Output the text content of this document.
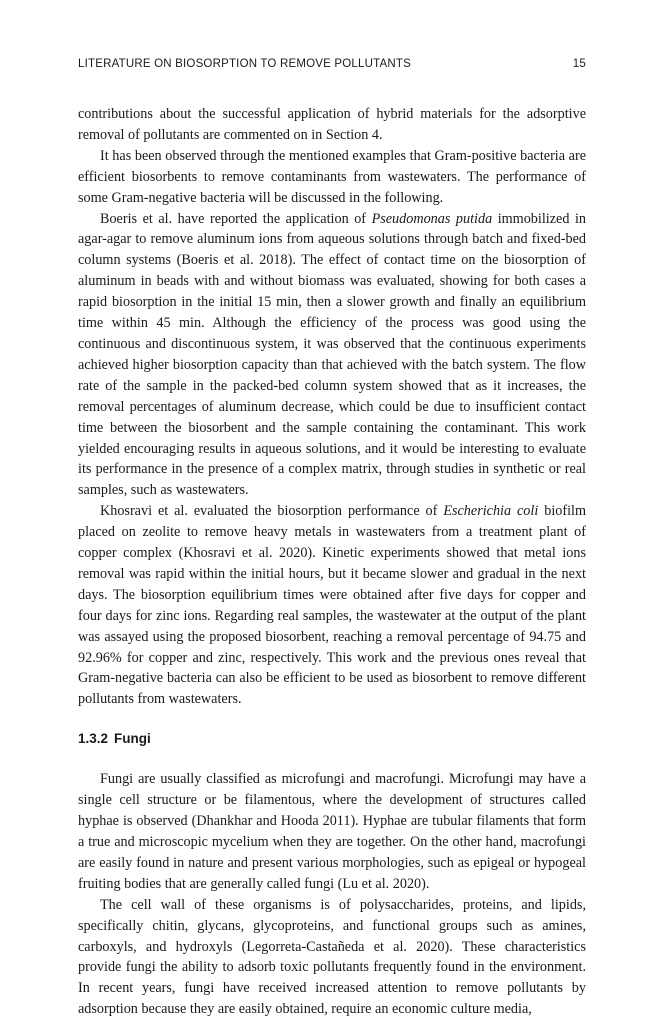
LITERATURE ON BIOSORPTION TO REMOVE POLLUTANTS	15

contributions about the successful application of hybrid materials for the adsorptive removal of pollutants are commented on in Section 4.

It has been observed through the mentioned examples that Gram-positive bacteria are efficient biosorbents to remove contaminants from wastewaters. The performance of some Gram-negative bacteria will be discussed in the following.

Boeris et al. have reported the application of Pseudomonas putida immobilized in agar-agar to remove aluminum ions from aqueous solutions through batch and fixed-bed column systems (Boeris et al. 2018). The effect of contact time on the biosorption of aluminum in beads with and without biomass was evaluated, showing for both cases a rapid biosorption in the initial 15 min, then a slower growth and finally an equilibrium time within 45 min. Although the efficiency of the process was good using the continuous and discontinuous system, it was observed that the continuous experiments achieved higher biosorption capacity than that achieved with the batch system. The flow rate of the sample in the packed-bed column system showed that as it increases, the removal percentages of aluminum decrease, which could be due to insufficient contact time between the biosorbent and the sample containing the contaminant. This work yielded encouraging results in aqueous solutions, and it would be interesting to evaluate its performance in the presence of a complex matrix, through studies in synthetic or real samples, such as wastewaters.

Khosravi et al. evaluated the biosorption performance of Escherichia coli biofilm placed on zeolite to remove heavy metals in wastewaters from a treatment plant of copper complex (Khosravi et al. 2020). Kinetic experiments showed that metal ions removal was rapid within the initial hours, but it became slower and gradual in the next days. The biosorption equilibrium times were obtained after five days for copper and four days for zinc ions. Regarding real samples, the wastewater at the output of the plant was assayed using the proposed biosorbent, reaching a removal percentage of 94.75 and 92.96% for copper and zinc, respectively. This work and the previous ones reveal that Gram-negative bacteria can also be efficient to be used as biosorbent to remove different pollutants from wastewaters.

1.3.2 Fungi

Fungi are usually classified as microfungi and macrofungi. Microfungi may have a single cell structure or be filamentous, where the development of structures called hyphae is observed (Dhankhar and Hooda 2011). Hyphae are tubular filaments that form a true and microscopic mycelium when they are together. On the other hand, macrofungi are easily found in nature and present various morphologies, such as epigeal or hypogeal fruiting bodies that are generally called fungi (Lu et al. 2020).

The cell wall of these organisms is of polysaccharides, proteins, and lipids, specifically chitin, glycans, glycoproteins, and functional groups such as amines, carboxyls, and hydroxyls (Legorreta-Castañeda et al. 2020). These characteristics provide fungi the ability to adsorb toxic pollutants frequently found in the environment. In recent years, fungi have received increased attention to remove pollutants by adsorption because they are easily obtained, require an economic culture media,
